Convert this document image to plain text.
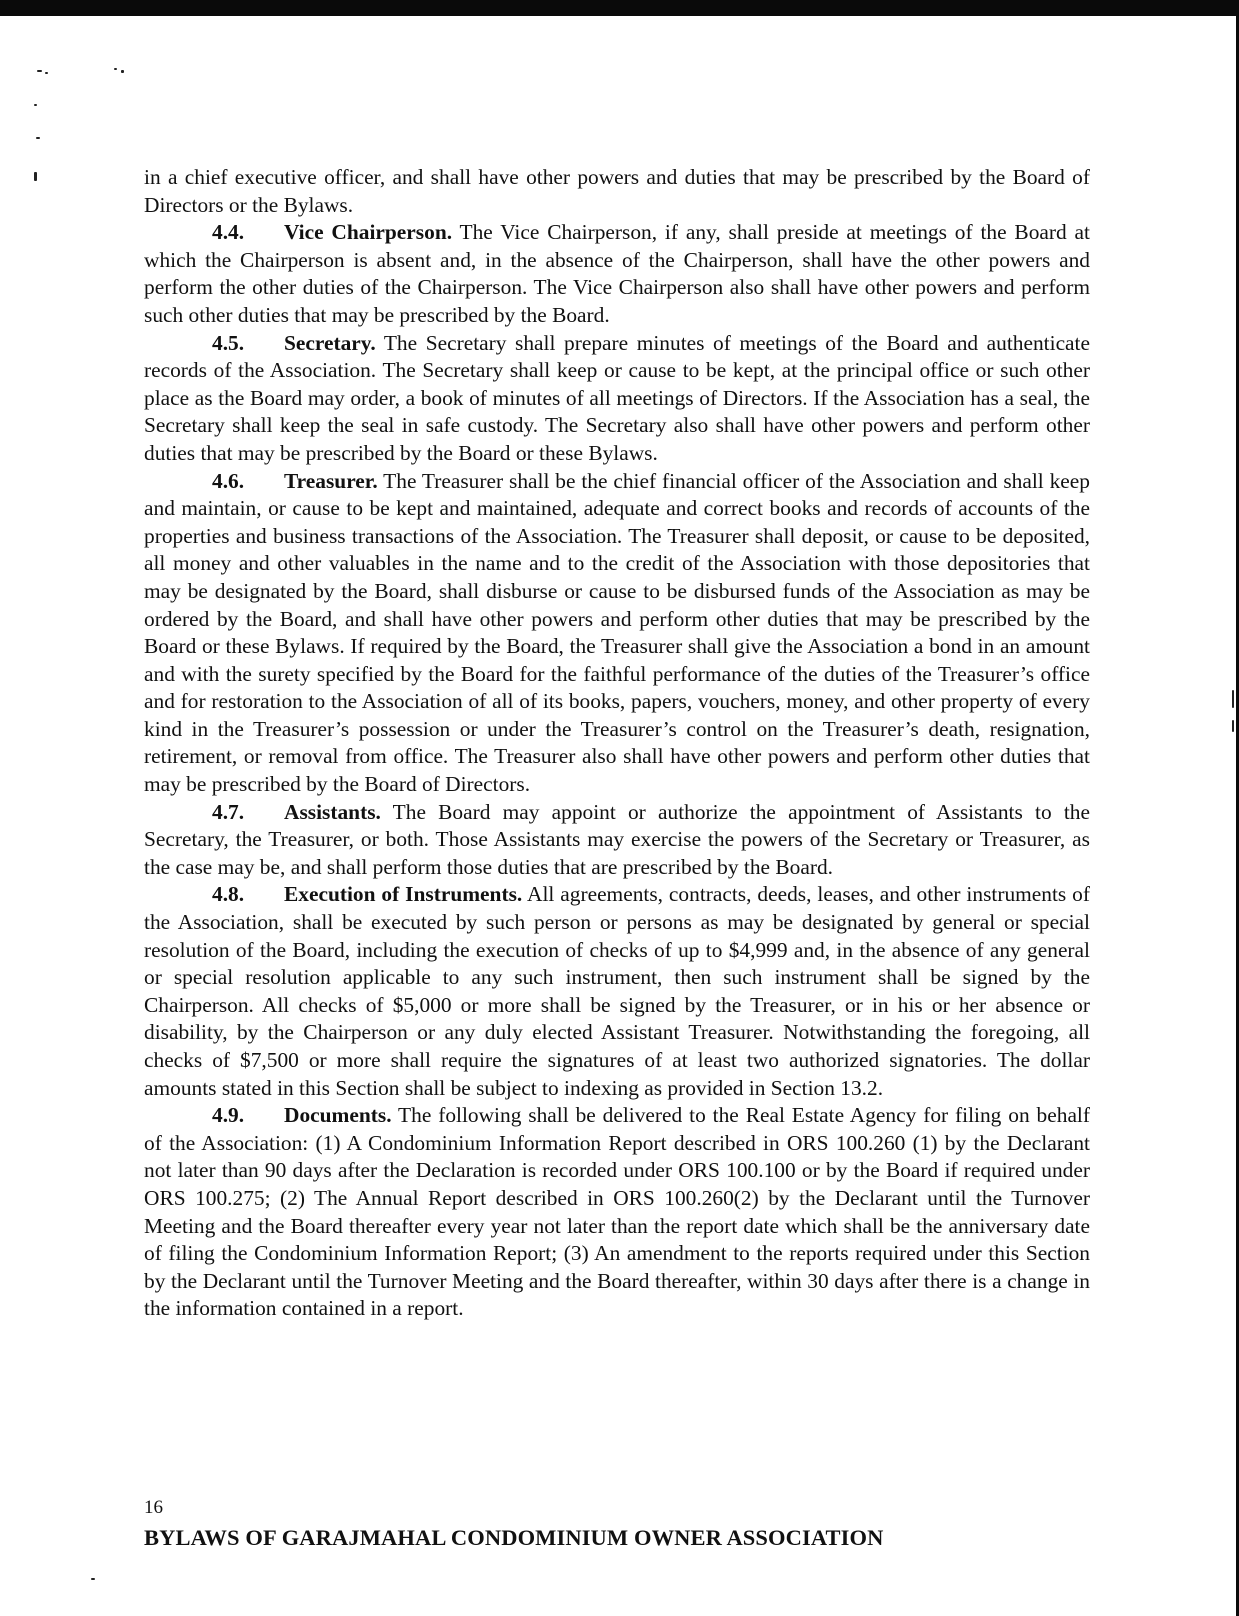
in a chief executive officer, and shall have other powers and duties that may be prescribed by the Board of Directors or the Bylaws.

4.4. Vice Chairperson. The Vice Chairperson, if any, shall preside at meetings of the Board at which the Chairperson is absent and, in the absence of the Chairperson, shall have the other powers and perform the other duties of the Chairperson. The Vice Chairperson also shall have other powers and perform such other duties that may be prescribed by the Board.

4.5. Secretary. The Secretary shall prepare minutes of meetings of the Board and authenticate records of the Association. The Secretary shall keep or cause to be kept, at the principal office or such other place as the Board may order, a book of minutes of all meetings of Directors. If the Association has a seal, the Secretary shall keep the seal in safe custody. The Secretary also shall have other powers and perform other duties that may be prescribed by the Board or these Bylaws.

4.6. Treasurer. The Treasurer shall be the chief financial officer of the Association and shall keep and maintain, or cause to be kept and maintained, adequate and correct books and records of accounts of the properties and business transactions of the Association. The Treasurer shall deposit, or cause to be deposited, all money and other valuables in the name and to the credit of the Association with those depositories that may be designated by the Board, shall disburse or cause to be disbursed funds of the Association as may be ordered by the Board, and shall have other powers and perform other duties that may be prescribed by the Board or these Bylaws. If required by the Board, the Treasurer shall give the Association a bond in an amount and with the surety specified by the Board for the faithful performance of the duties of the Treasurer’s office and for restoration to the Association of all of its books, papers, vouchers, money, and other property of every kind in the Treasurer’s possession or under the Treasurer’s control on the Treasurer’s death, resignation, retirement, or removal from office. The Treasurer also shall have other powers and perform other duties that may be prescribed by the Board of Directors.

4.7. Assistants. The Board may appoint or authorize the appointment of Assistants to the Secretary, the Treasurer, or both. Those Assistants may exercise the powers of the Secretary or Treasurer, as the case may be, and shall perform those duties that are prescribed by the Board.

4.8. Execution of Instruments. All agreements, contracts, deeds, leases, and other instruments of the Association, shall be executed by such person or persons as may be designated by general or special resolution of the Board, including the execution of checks of up to $4,999 and, in the absence of any general or special resolution applicable to any such instrument, then such instrument shall be signed by the Chairperson. All checks of $5,000 or more shall be signed by the Treasurer, or in his or her absence or disability, by the Chairperson or any duly elected Assistant Treasurer. Notwithstanding the foregoing, all checks of $7,500 or more shall require the signatures of at least two authorized signatories. The dollar amounts stated in this Section shall be subject to indexing as provided in Section 13.2.

4.9. Documents. The following shall be delivered to the Real Estate Agency for filing on behalf of the Association: (1) A Condominium Information Report described in ORS 100.260 (1) by the Declarant not later than 90 days after the Declaration is recorded under ORS 100.100 or by the Board if required under ORS 100.275; (2) The Annual Report described in ORS 100.260(2) by the Declarant until the Turnover Meeting and the Board thereafter every year not later than the report date which shall be the anniversary date of filing the Condominium Information Report; (3) An amendment to the reports required under this Section by the Declarant until the Turnover Meeting and the Board thereafter, within 30 days after there is a change in the information contained in a report.

16
BYLAWS OF GARAJMAHAL CONDOMINIUM OWNER ASSOCIATION
